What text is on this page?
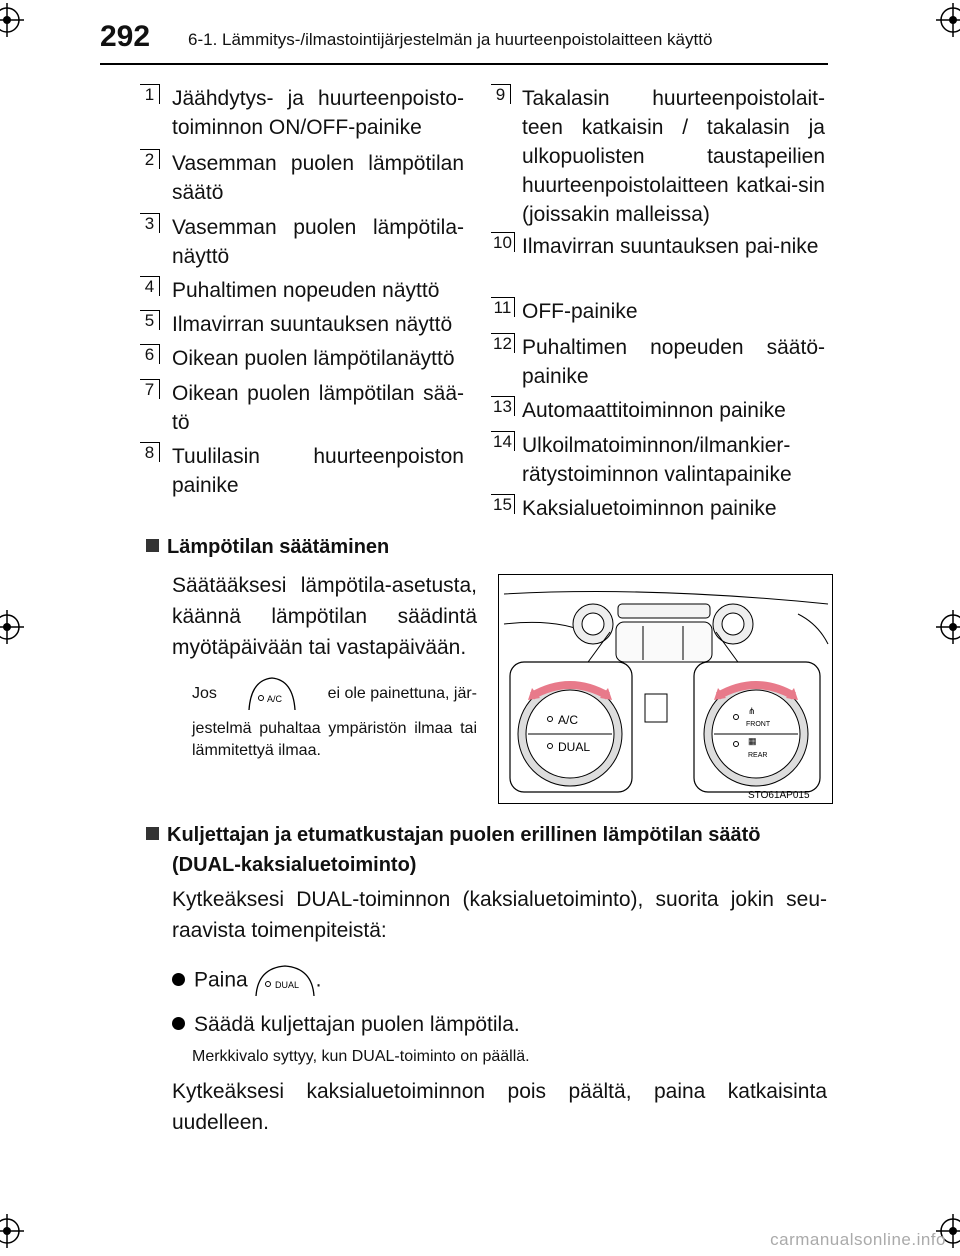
292 6-1. Lämmitys-/ilmastointijärjestelmän ja huurteenpoistolaitteen käyttö
1 Jäähdytys- ja huurteenpoisto-toiminnon ON/OFF-painike
2 Vasemman puolen lämpötilan säätö
3 Vasemman puolen lämpötila-näyttö
4 Puhaltimen nopeuden näyttö
5 Ilmavirran suuntauksen näyttö
6 Oikean puolen lämpötilanäyttö
7 Oikean puolen lämpötilan sää-tö
8 Tuulilasin huurteenpoiston painike
9 Takalasin huurteenpoistolait-teen katkaisin / takalasin ja ulkopuolisten taustapeilien huurteenpoistolaitteen katkai-sin (joissakin malleissa)
10 Ilmavirran suuntauksen pai-nike
11 OFF-painike
12 Puhaltimen nopeuden säätö-painike
13 Automaattitoiminnon painike
14 Ulkoilmatoiminnon/ilmankier-rätystoiminnon valintapainike
15 Kaksialuetoiminnon painike
Lämpötilan säätäminen
Säätääksesi lämpötila-asetusta, käännä lämpötilan säädintä myötäpäivään tai vastapäivään.
Jos	A/C	ei ole painettuna, jär-
jestelmä puhaltaa ympäristön ilmaa tai lämmitettyä ilmaa.
A/C
DUAL
⋔
FRONT
▦
REAR
STO61AP015
Kuljettajan ja etumatkustajan puolen erillinen lämpötilan säätö
(DUAL-kaksialuetoiminto)
Kytkeäksesi DUAL-toiminnon (kaksialuetoiminto), suorita jokin seu-raavista toimenpiteistä:
Paina	DUAL .
Säädä kuljettajan puolen lämpötila.
Merkkivalo syttyy, kun DUAL-toiminto on päällä.
Kytkeäksesi kaksialuetoiminnon pois päältä, paina katkaisinta uudelleen.
carmanualsonline.info
